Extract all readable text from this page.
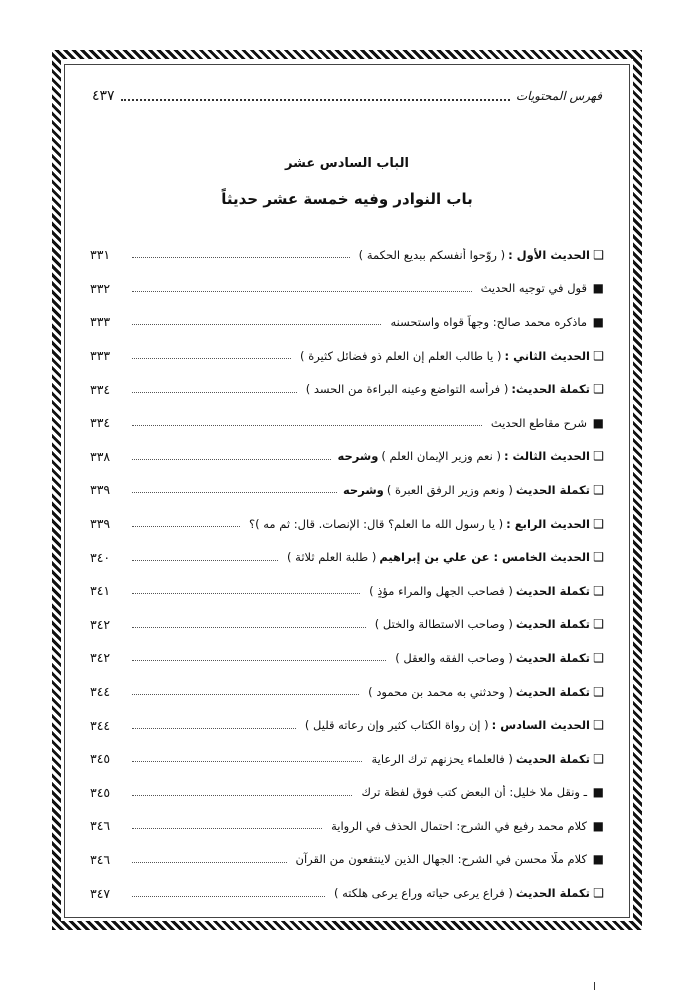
فهرس المحتويات
٤٣٧
الباب السادس عشر
باب النوادر وفيه خمسة عشر حديثاً
❑
الحديث الأول :
( روّحوا أنفسكم ببديع الحكمة )
٣٣١
■
قول في توجيه الحديث
٣٣٢
■
ماذكره محمد صالح: وجهاً قواه واستحسنه
٣٣٣
❑
الحديث الثاني :
( يا طالب العلم إن العلم ذو فضائل كثيرة )
٣٣٣
❑
تكملة الحديث:
( فرأسه التواضع وعينه البراءة من الحسد )
٣٣٤
■
شرح مقاطع الحديث
٣٣٤
❑
الحديث الثالث :
( نعم وزير الإيمان العلم )
وشرحه
٣٣٨
❑
تكملة الحديث
( ونعم وزير الرفق العبرة )
وشرحه
٣٣٩
❑
الحديث الرابع :
( يا رسول الله ما العلم؟ قال: الإنصات. قال: ثم مه )؟
٣٣٩
❑
الحديث الخامس : عن علي بن إبراهيم
( طلبة العلم ثلاثة )
٣٤٠
❑
تكملة الحديث
( فصاحب الجهل والمراء مؤذٍ )
٣٤١
❑
تكملة الحديث
( وصاحب الاستطالة والختل )
٣٤٢
❑
تكملة الحديث
( وصاحب الفقه والعقل )
٣٤٢
❑
تكملة الحديث
( وحدثني به محمد بن محمود )
٣٤٤
❑
الحديث السادس :
( إن رواة الكتاب كثير وإن رعاته قليل )
٣٤٤
❑
تكملة الحديث
( فالعلماء يحزنهم ترك الرعاية
٣٤٥
■
ـ ونقل ملا خليل: أن البعض كتب فوق لفظة ترك
٣٤٥
■
كلام محمد رفيع في الشرح: احتمال الحذف في الرواية
٣٤٦
■
كلام ملّا محسن في الشرح: الجهال الذين لاينتفعون من القرآن
٣٤٦
❑
تكملة الحديث
( فراع يرعى حياته وراع يرعى هلكته )
٣٤٧
